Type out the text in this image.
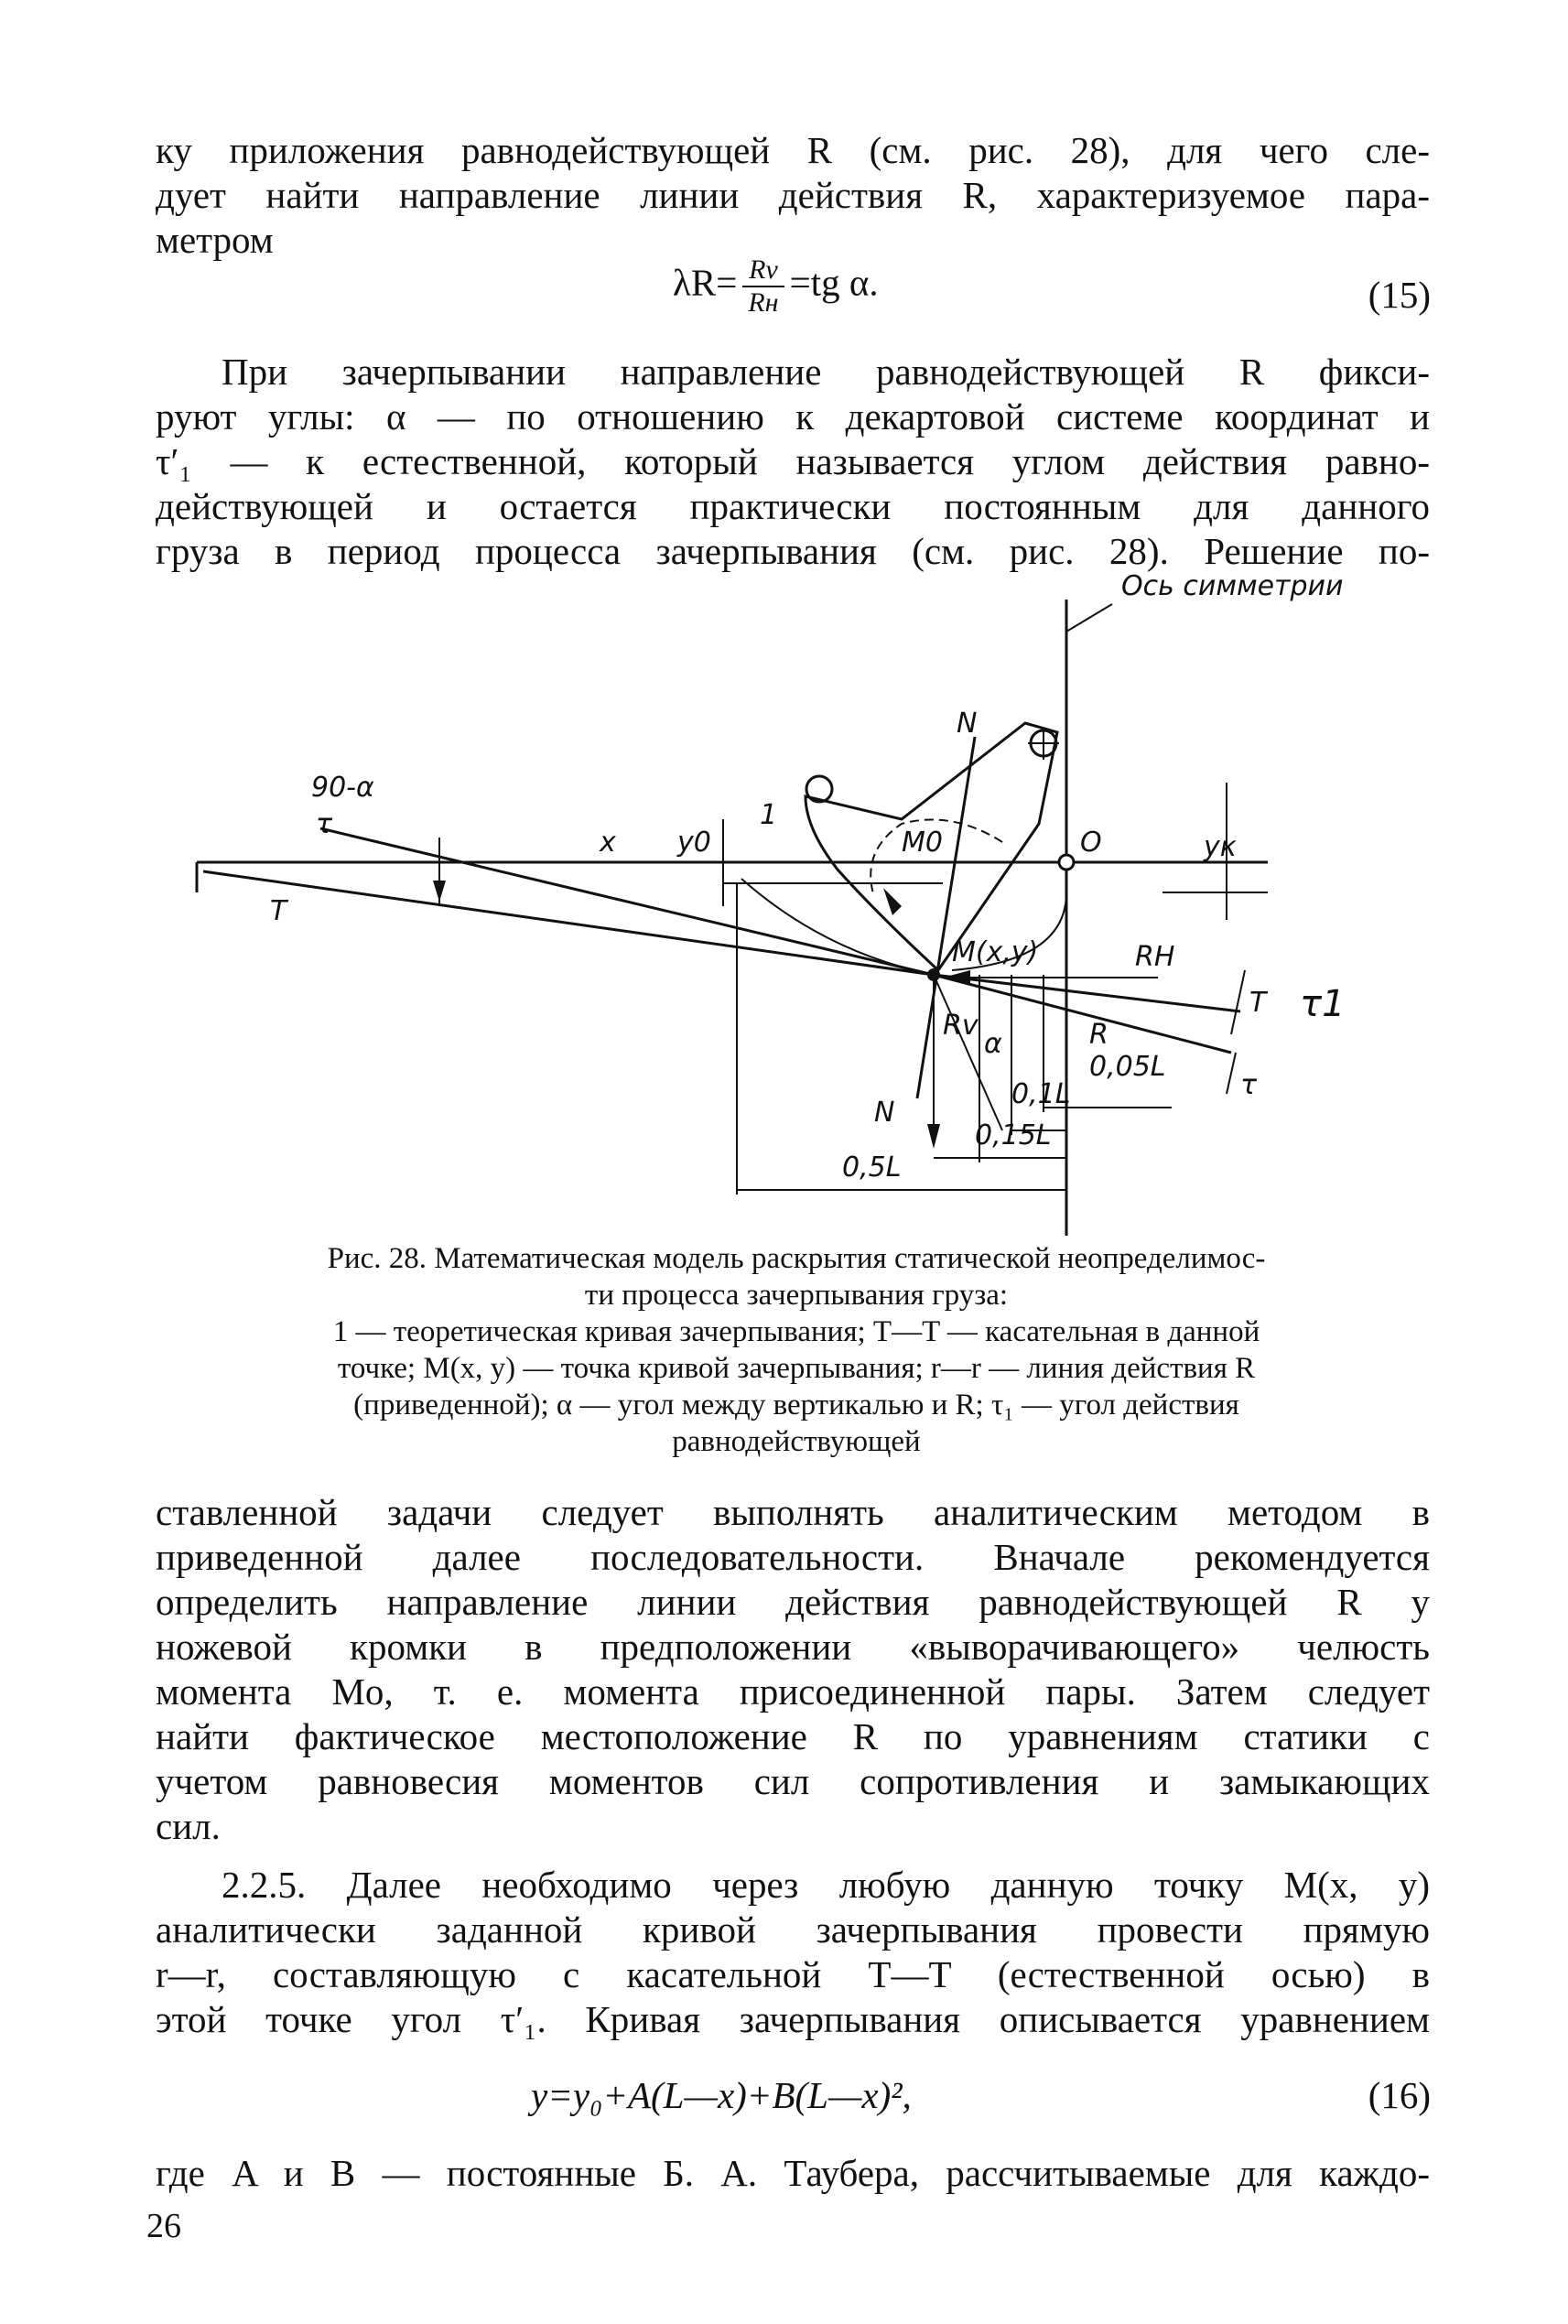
ку приложения равнодействующей R (см. рис. 28), для чего сле-
дует найти направление линии действия R, характеризуемое пара-
метром
$\lambda R= \frac{Rv}{Rн} =tg$ α.	(15)
При зачерпывании направление равнодействующей R фикси-
руют углы: α — по отношению к декартовой системе координат и
τ′₁ — к естественной, который называется углом действия равно-
действующей и остается практически постоянным для данного
груза в период процесса зачерпывания (см. рис. 28). Решение по-
Ось симметрии
90-α
τ
x y0
1
N
M0	O	yк
T
M(x,y)	RH
Rv
α	R
0,05L
0,1L
0,15L
0,5L
N
T τ1
τ
Рис. 28. Математическая модель раскрытия статической неопределимос-
ти процесса зачерпывания груза:
1 — теоретическая кривая зачерпывания; T—T — касательная в данной
точке; M(x, y) — точка кривой зачерпывания; r—r — линия действия R
(приведенной); α — угол между вертикалью и R; τ₁ — угол действия
равнодействующей
ставленной задачи следует выполнять аналитическим методом в
приведенной далее последовательности. Вначале рекомендуется
определить направление линии действия равнодействующей R у
ножевой кромки в предположении «выворачивающего» челюсть
момента Mo, т. е. момента присоединенной пары. Затем следует
найти фактическое местоположение R по уравнениям статики с
учетом равновесия моментов сил сопротивления и замыкающих
сил.
2.2.5. Далее необходимо через любую данную точку M(x, y)
аналитически заданной кривой зачерпывания провести прямую
r—r, составляющую с касательной T—T (естественной осью) в
этой точке угол τ′₁. Кривая зачерпывания описывается уравнением
y=y₀+A(L—x)+B(L—x)²,	(16)
где A и B — постоянные Б. А. Таубера, рассчитываемые для каждо-
26
